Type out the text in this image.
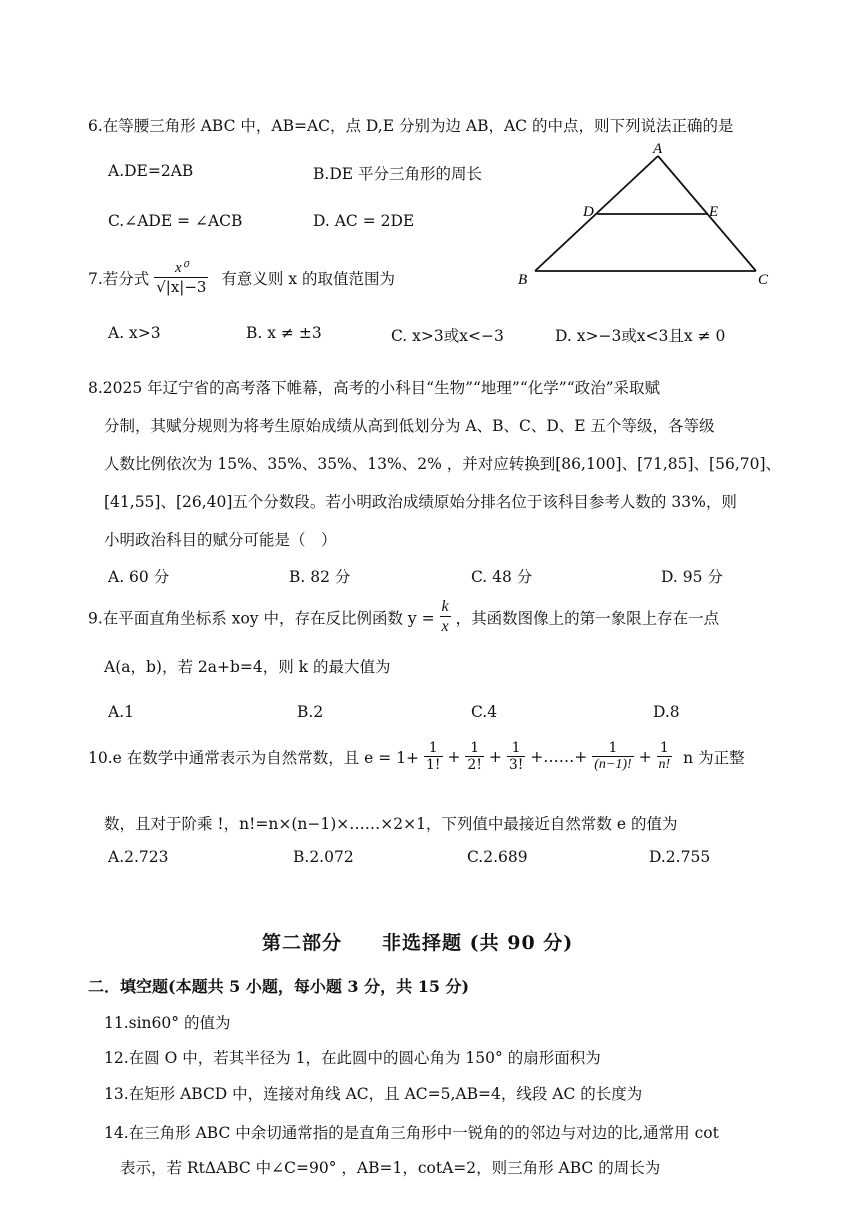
6.在等腰三角形 ABC 中，AB=AC，点 D,E 分别为边 AB，AC 的中点，则下列说法正确的是
A.DE=2AB	B.DE 平分三角形的周长
C.∠ADE = ∠ACB	D. AC = 2DE
A
D	E
B	C
7.若分式 $\frac{\text{x⁰}}{√|x|-3}$ 有意义则 x 的取值范围为
A. x>3	B. x ≠ ±3	C. x>3或x<−3	D. x>−3或x<3且x ≠ 0
8.2025 年辽宁省的高考落下帷幕，高考的小科目“生物”“地理”“化学”“政治”采取赋
分制，其赋分规则为将考生原始成绩从高到低划分为 A、B、C、D、E 五个等级，各等级
人数比例依次为 15%、35%、35%、13%、2% ，并对应转换到[86,100]、[71,85]、[56,70]、
[41,55]、[26,40]五个分数段。若小明政治成绩原始分排名位于该科目参考人数的 33%，则
小明政治科目的赋分可能是（　）
A. 60 分	B. 82 分	C. 48 分	D. 95 分
9.在平面直角坐标系 xoy 中，存在反比例函数 $y = \frac{k}{x}$ ，其函数图像上的第一象限上存在一点
A(a，b)，若 2a+b=4，则 k 的最大值为
A.1	B.2	C.4	D.8
10.e 在数学中通常表示为自然常数，且 $e = 1+ \frac{1}{1!} + \frac{1}{2!} + \frac{1}{3!}$ +……+ $\frac{1}{(n-1)!} + \frac{1}{n!}$ n 为正整
数，且对于阶乘 !，n!=n×(n−1)×……×2×1，下列值中最接近自然常数 e 的值为
A.2.723	B.2.072	C.2.689	D.2.755
第二部分　　非选择题 (共 90 分)
二．填空题(本题共 5 小题，每小题 3 分，共 15 分)
11.sin60° 的值为
12.在圆 O 中，若其半径为 1，在此圆中的圆心角为 150° 的扇形面积为
13.在矩形 ABCD 中，连接对角线 AC，且 AC=5,AB=4，线段 AC 的长度为
14.在三角形 ABC 中余切通常指的是直角三角形中一锐角的的邻边与对边的比,通常用 cot
表示，若 RtΔABC 中∠C=90° ，AB=1，cotA=2，则三角形 ABC 的周长为
